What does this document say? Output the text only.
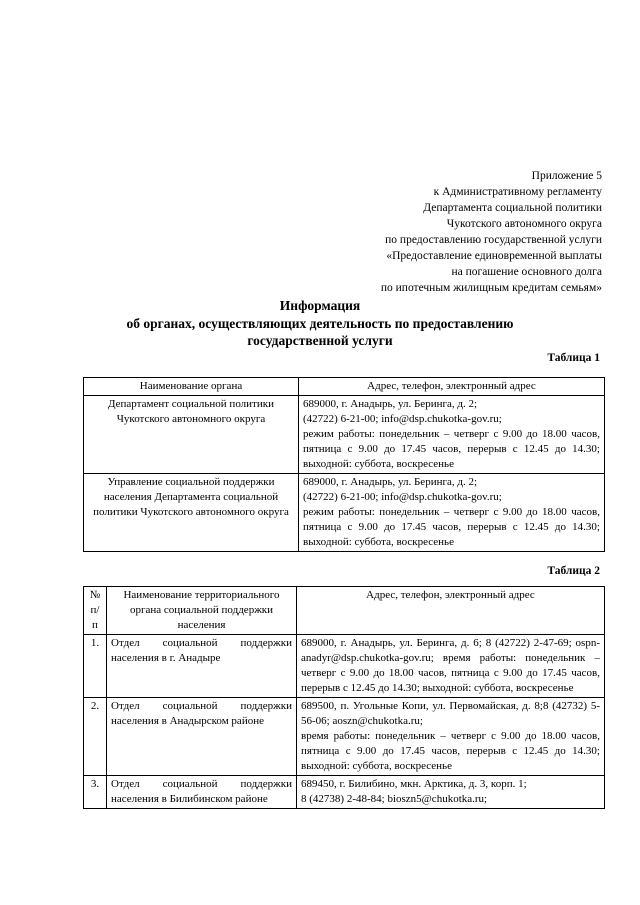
Приложение 5
к Административному регламенту
Департамента социальной политики
Чукотского автономного округа
по предоставлению государственной услуги
«Предоставление единовременной выплаты
на погашение основного долга
по ипотечным жилищным кредитам семьям»
Информация
об органах, осуществляющих деятельность по предоставлению
государственной услуги
Таблица 1
Наименование органа	Адрес, телефон, электронный адрес
Департамент социальной политики Чукотского автономного округа	689000, г. Анадырь, ул. Беринга, д. 2;
(42722) 6-21-00; info@dsp.chukotka-gov.ru;
режим работы: понедельник – четверг с 9.00 до 18.00 часов, пятница с 9.00 до 17.45 часов, перерыв с 12.45 до 14.30; выходной: суббота, воскресенье

Управление социальной поддержки населения Департамента социальной политики Чукотского автономного округа	689000, г. Анадырь, ул. Беринга, д. 2;
(42722) 6-21-00; info@dsp.chukotka-gov.ru;
режим работы: понедельник – четверг с 9.00 до 18.00 часов, пятница с 9.00 до 17.45 часов, перерыв с 12.45 до 14.30; выходной: суббота, воскресенье
Таблица 2
№ п/п	Наименование территориального органа социальной поддержки населения	Адрес, телефон, электронный адрес
1.	Отдел социальной поддержки населения в г. Анадыре	689000, г. Анадырь, ул. Беринга, д. 6; 8 (42722) 2-47-69; ospn-anadyr@dsp.chukotka-gov.ru; время работы: понедельник – четверг с 9.00 до 18.00 часов, пятница с 9.00 до 17.45 часов, перерыв с 12.45 до 14.30; выходной: суббота, воскресенье

2.	Отдел социальной поддержки населения в Анадырском районе	689500, п. Угольные Копи, ул. Первомайская, д. 8;8 (42732) 5-56-06; aoszn@chukotka.ru;
время работы: понедельник – четверг с 9.00 до 18.00 часов, пятница с 9.00 до 17.45 часов, перерыв с 12.45 до 14.30; выходной: суббота, воскресенье

3.	Отдел социальной поддержки населения в Билибинском районе	689450, г. Билибино, мкн. Арктика, д. 3, корп. 1;
8 (42738) 2-48-84; bioszn5@chukotka.ru;
